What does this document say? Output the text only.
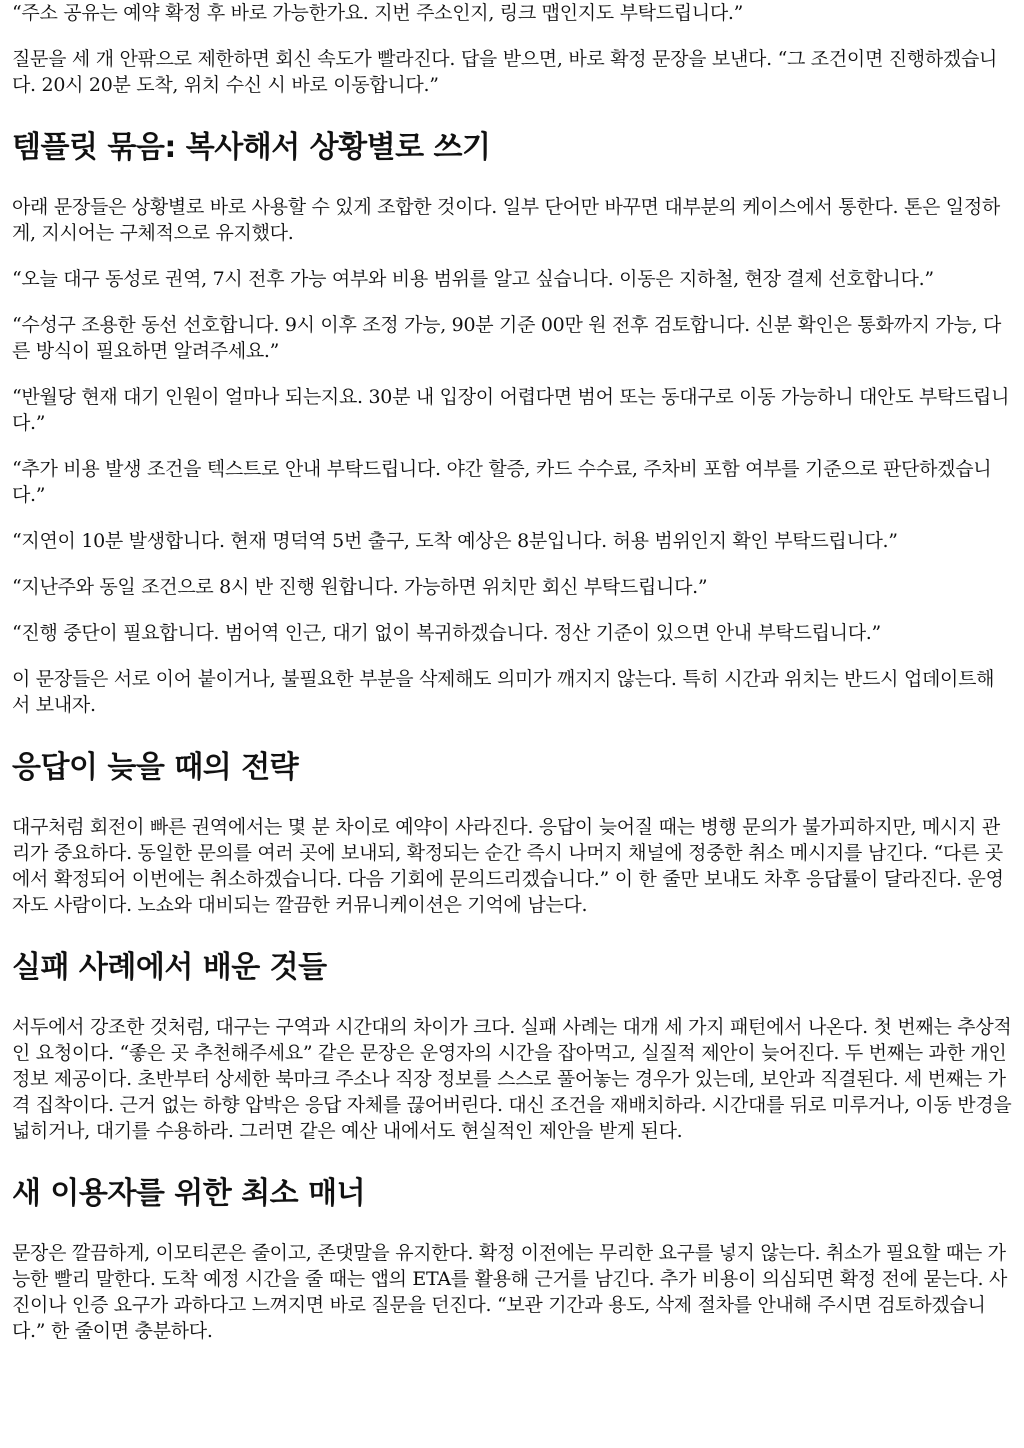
“주소 공유는 예약 확정 후 바로 가능한가요. 지번 주소인지, 링크 맵인지도 부탁드립니다.”

질문을 세 개 안팎으로 제한하면 회신 속도가 빨라진다. 답을 받으면, 바로 확정 문장을 보낸다. “그 조건이면 진행하겠습니다. 20시 20분 도착, 위치 수신 시 바로 이동합니다.”

템플릿 묶음: 복사해서 상황별로 쓰기

아래 문장들은 상황별로 바로 사용할 수 있게 조합한 것이다. 일부 단어만 바꾸면 대부분의 케이스에서 통한다. 톤은 일정하게, 지시어는 구체적으로 유지했다.

“오늘 대구 동성로 권역, 7시 전후 가능 여부와 비용 범위를 알고 싶습니다. 이동은 지하철, 현장 결제 선호합니다.”

“수성구 조용한 동선 선호합니다. 9시 이후 조정 가능, 90분 기준 00만 원 전후 검토합니다. 신분 확인은 통화까지 가능, 다른 방식이 필요하면 알려주세요.”

“반월당 현재 대기 인원이 얼마나 되는지요. 30분 내 입장이 어렵다면 범어 또는 동대구로 이동 가능하니 대안도 부탁드립니다.”

“추가 비용 발생 조건을 텍스트로 안내 부탁드립니다. 야간 할증, 카드 수수료, 주차비 포함 여부를 기준으로 판단하겠습니다.”

“지연이 10분 발생합니다. 현재 명덕역 5번 출구, 도착 예상은 8분입니다. 허용 범위인지 확인 부탁드립니다.”

“지난주와 동일 조건으로 8시 반 진행 원합니다. 가능하면 위치만 회신 부탁드립니다.”

“진행 중단이 필요합니다. 범어역 인근, 대기 없이 복귀하겠습니다. 정산 기준이 있으면 안내 부탁드립니다.”

이 문장들은 서로 이어 붙이거나, 불필요한 부분을 삭제해도 의미가 깨지지 않는다. 특히 시간과 위치는 반드시 업데이트해서 보내자.

응답이 늦을 때의 전략

대구처럼 회전이 빠른 권역에서는 몇 분 차이로 예약이 사라진다. 응답이 늦어질 때는 병행 문의가 불가피하지만, 메시지 관리가 중요하다. 동일한 문의를 여러 곳에 보내되, 확정되는 순간 즉시 나머지 채널에 정중한 취소 메시지를 남긴다. “다른 곳에서 확정되어 이번에는 취소하겠습니다. 다음 기회에 문의드리겠습니다.” 이 한 줄만 보내도 차후 응답률이 달라진다. 운영자도 사람이다. 노쇼와 대비되는 깔끔한 커뮤니케이션은 기억에 남는다.

실패 사례에서 배운 것들

서두에서 강조한 것처럼, 대구는 구역과 시간대의 차이가 크다. 실패 사례는 대개 세 가지 패턴에서 나온다. 첫 번째는 추상적인 요청이다. “좋은 곳 추천해주세요” 같은 문장은 운영자의 시간을 잡아먹고, 실질적 제안이 늦어진다. 두 번째는 과한 개인정보 제공이다. 초반부터 상세한 북마크 주소나 직장 정보를 스스로 풀어놓는 경우가 있는데, 보안과 직결된다. 세 번째는 가격 집착이다. 근거 없는 하향 압박은 응답 자체를 끊어버린다. 대신 조건을 재배치하라. 시간대를 뒤로 미루거나, 이동 반경을 넓히거나, 대기를 수용하라. 그러면 같은 예산 내에서도 현실적인 제안을 받게 된다.

새 이용자를 위한 최소 매너

문장은 깔끔하게, 이모티콘은 줄이고, 존댓말을 유지한다. 확정 이전에는 무리한 요구를 넣지 않는다. 취소가 필요할 때는 가능한 빨리 말한다. 도착 예정 시간을 줄 때는 앱의 ETA를 활용해 근거를 남긴다. 추가 비용이 의심되면 확정 전에 묻는다. 사진이나 인증 요구가 과하다고 느껴지면 바로 질문을 던진다. “보관 기간과 용도, 삭제 절차를 안내해 주시면 검토하겠습니다.” 한 줄이면 충분하다.
